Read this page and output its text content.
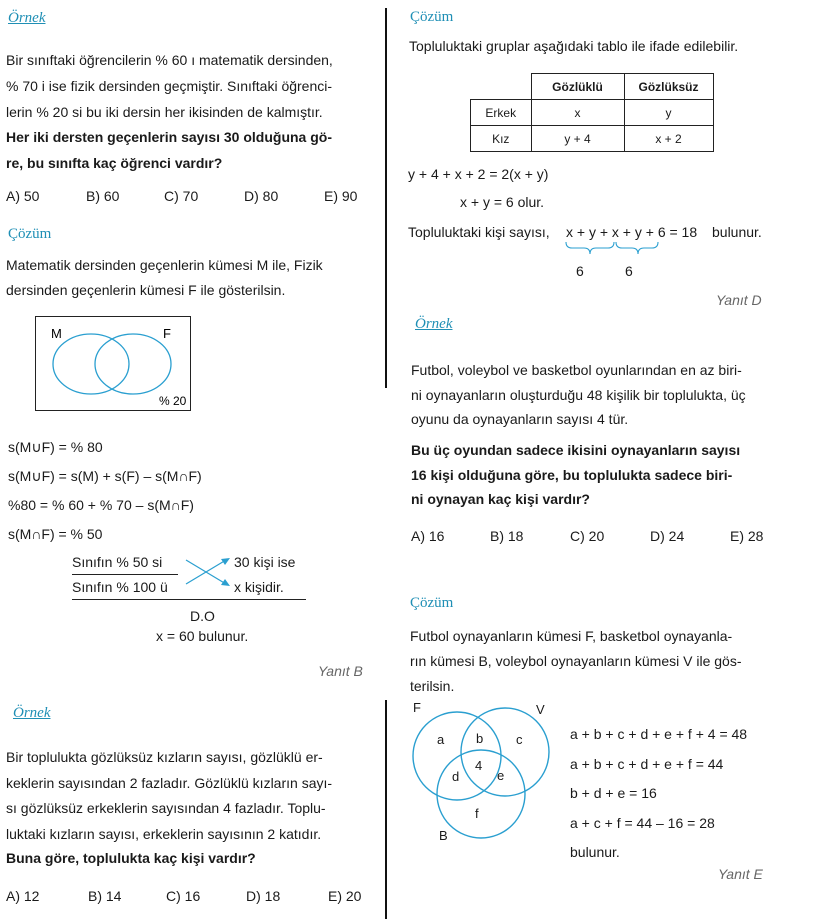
Örnek
Bir sınıftaki öğrencilerin % 60 ı matematik dersinden,
% 70 i ise fizik dersinden geçmiştir. Sınıftaki öğrenci-
lerin % 20 si bu iki dersin her ikisinden de kalmıştır.
Her iki dersten geçenlerin sayısı 30 olduğuna gö-
re, bu sınıfta kaç öğrenci vardır?
A) 50	B) 60	C) 70	D) 80	E) 90
Çözüm
Matematik dersinden geçenlerin kümesi M ile, Fizik
dersinden geçenlerin kümesi F ile gösterilsin.
M	F
% 20
s(M∪F) = % 80
s(M∪F) = s(M) + s(F) – s(M∩F)
%80 = % 60 + % 70 – s(M∩F)
s(M∩F) = % 50
Sınıfın % 50 si	30 kişi ise
Sınıfın % 100 ü	x kişidir.
D.O
x = 60 bulunur.
Yanıt B
Örnek
Bir toplulukta gözlüksüz kızların sayısı, gözlüklü er-
keklerin sayısından 2 fazladır. Gözlüklü kızların sayı-
sı gözlüksüz erkeklerin sayısından 4 fazladır. Toplu-
luktaki kızların sayısı, erkeklerin sayısının 2 katıdır.
Buna göre, toplulukta kaç kişi vardır?
A) 12	B) 14	C) 16	D) 18	E) 20
Çözüm
Topluluktaki gruplar aşağıdaki tablo ile ifade edilebilir.
	Gözlüklü	Gözlüksüz
Erkek	x	y
Kız	y + 4	x + 2
y + 4 + x + 2 = 2(x + y)
x + y = 6 olur.
Topluluktaki kişi sayısı, x + y + x + y + 6 = 18 bulunur.
6	6
Yanıt D
Örnek
Futbol, voleybol ve basketbol oyunlarından en az biri-
ni oynayanların oluşturduğu 48 kişilik bir toplulukta, üç
oyunu da oynayanların sayısı 4 tür.
Bu üç oyundan sadece ikisini oynayanların sayısı
16 kişi olduğuna göre, bu toplulukta sadece biri-
ni oynayan kaç kişi vardır?
A) 16	B) 18	C) 20	D) 24	E) 28
Çözüm
Futbol oynayanların kümesi F, basketbol oynayanla-
rın kümesi B, voleybol oynayanların kümesi V ile gös-
terilsin.
F	V
B
a b	c
d
4
e
f
a + b + c + d + e + f + 4 = 48
a + b + c + d + e + f = 44
b + d + e = 16
a + c + f = 44 – 16 = 28
bulunur.
Yanıt E
